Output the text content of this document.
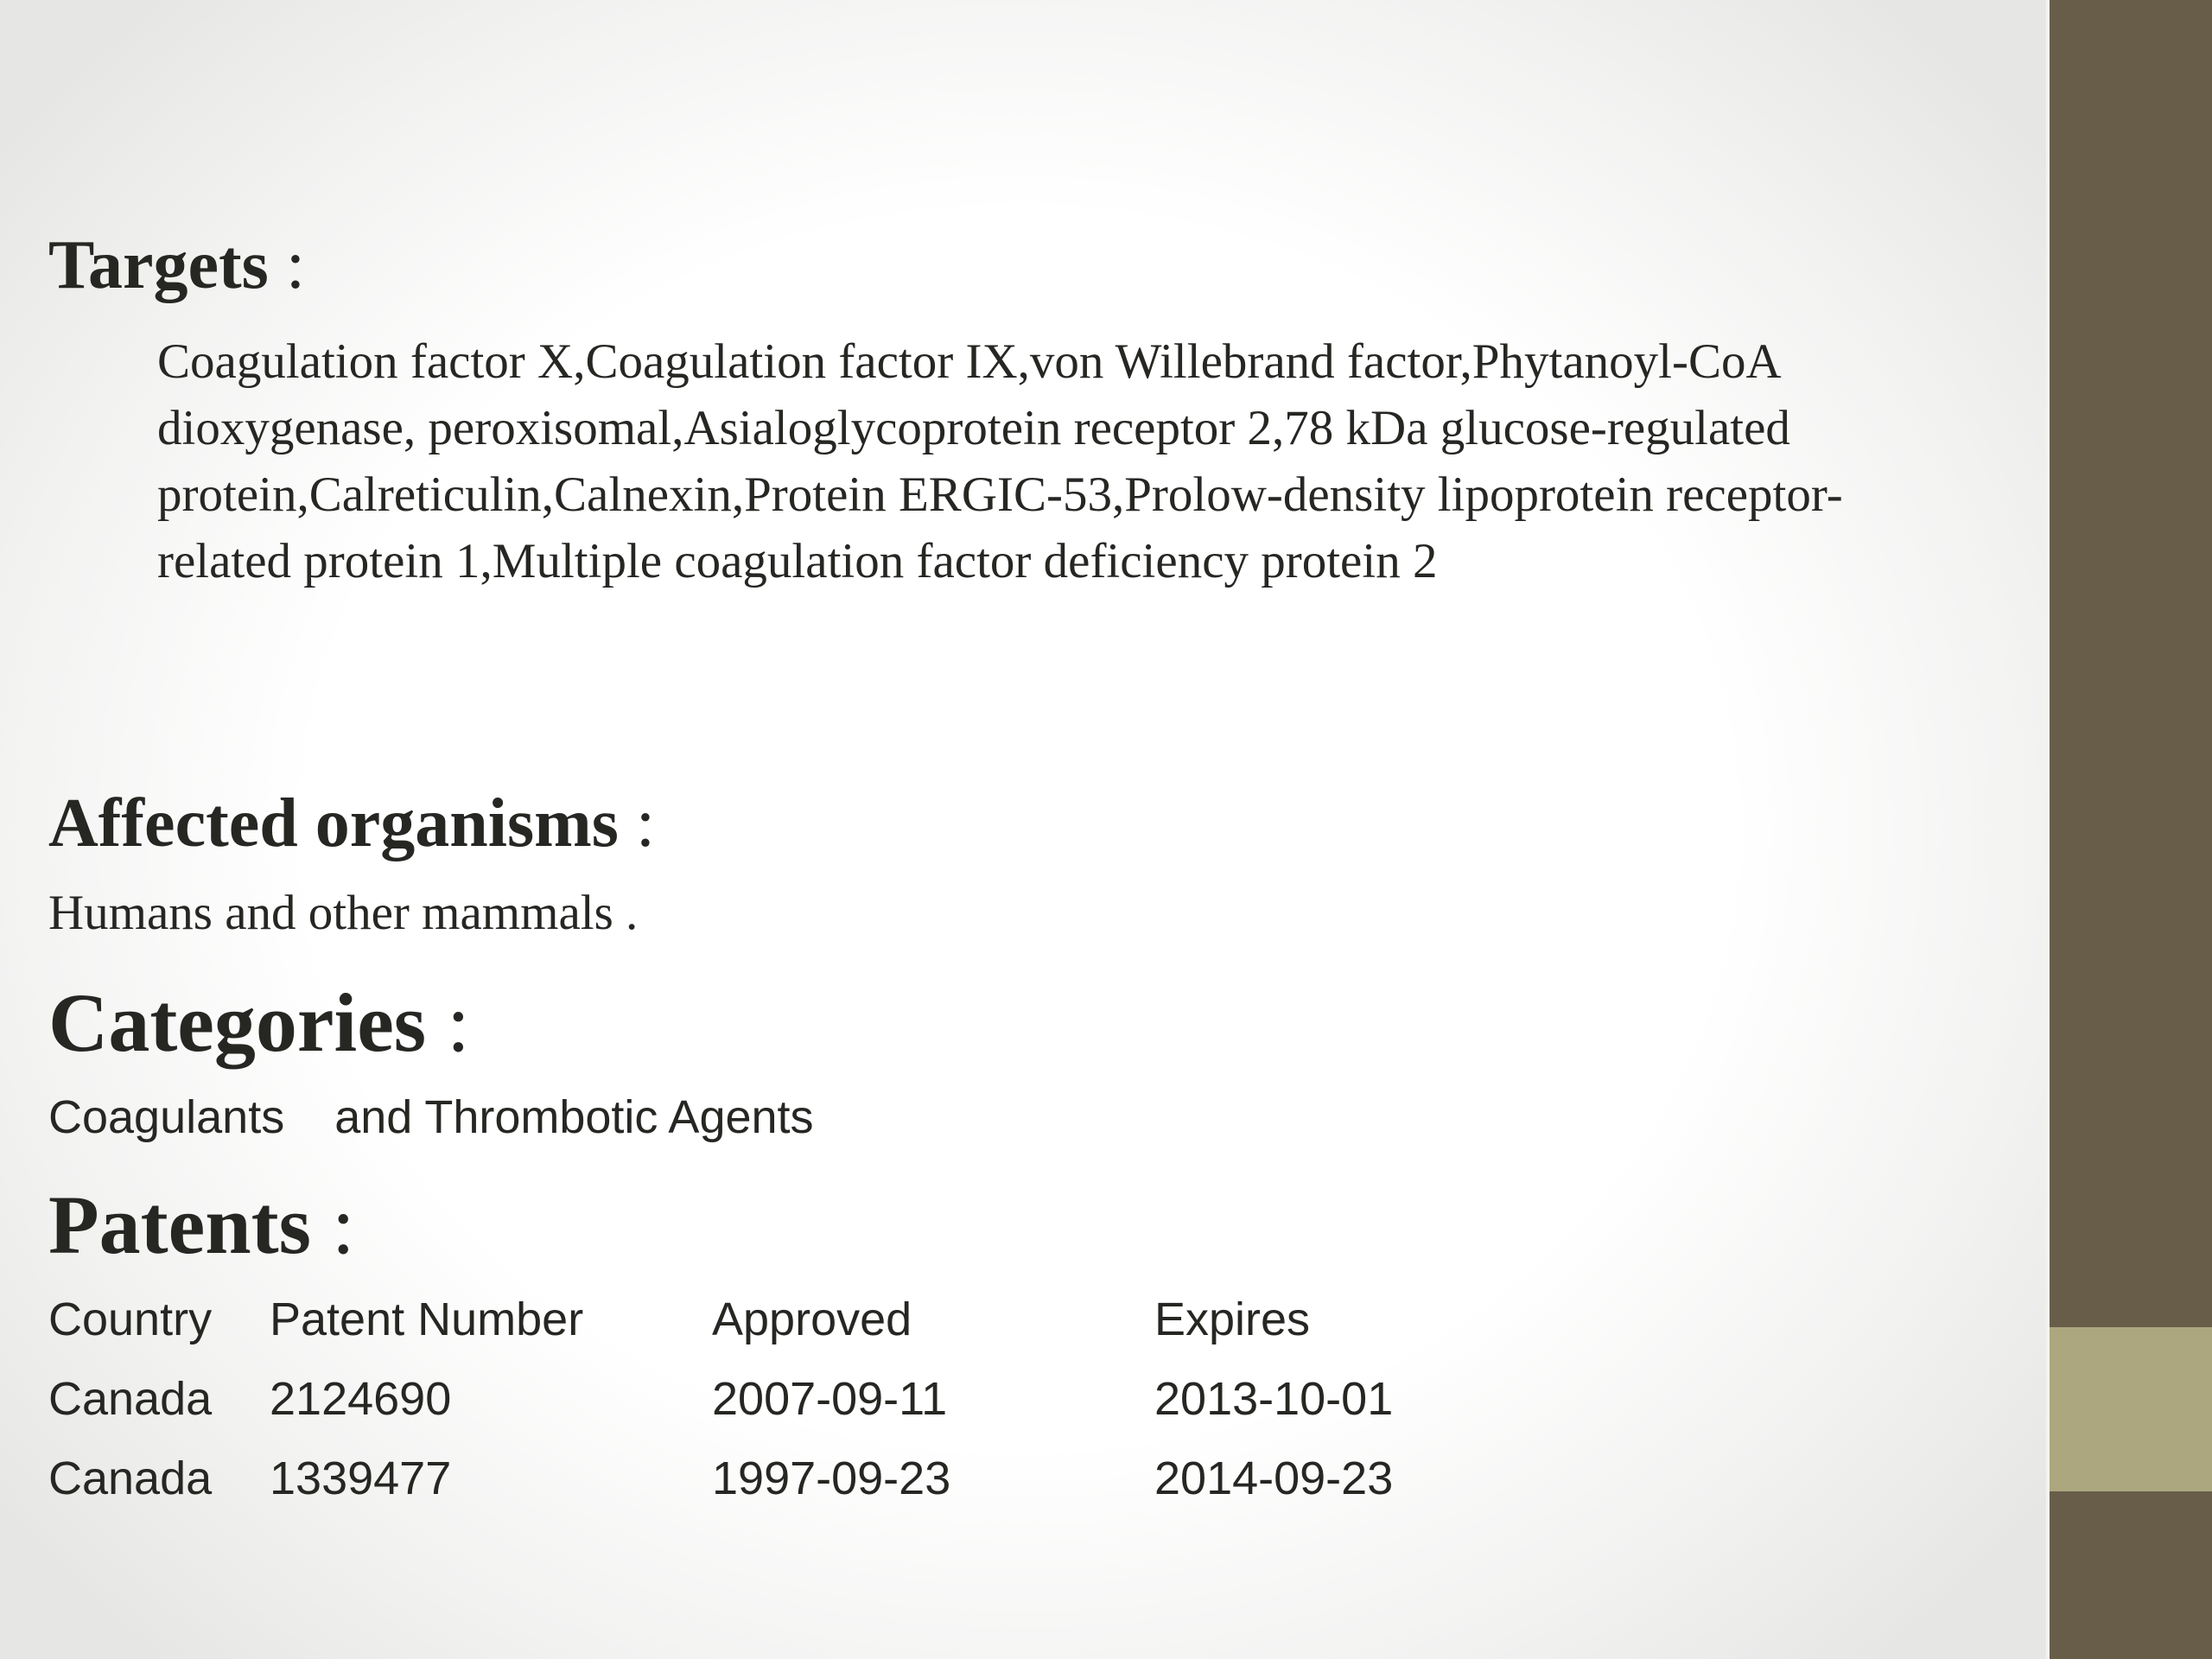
Targets :

Coagulation factor X,Coagulation factor IX,von Willebrand factor,Phytanoyl-CoA dioxygenase, peroxisomal,Asialoglycoprotein receptor 2,78 kDa glucose-regulated protein,Calreticulin,Calnexin,Protein ERGIC-53,Prolow-density lipoprotein receptor-related protein 1,Multiple coagulation factor deficiency protein 2

Affected organisms :

Humans and other mammals .

Categories :

Coagulants and Thrombotic Agents

Patents :
Country Patent Number	Approved	Expires
Canada 2124690	2007-09-11	2013-10-01
Canada 1339477	1997-09-23	2014-09-23
